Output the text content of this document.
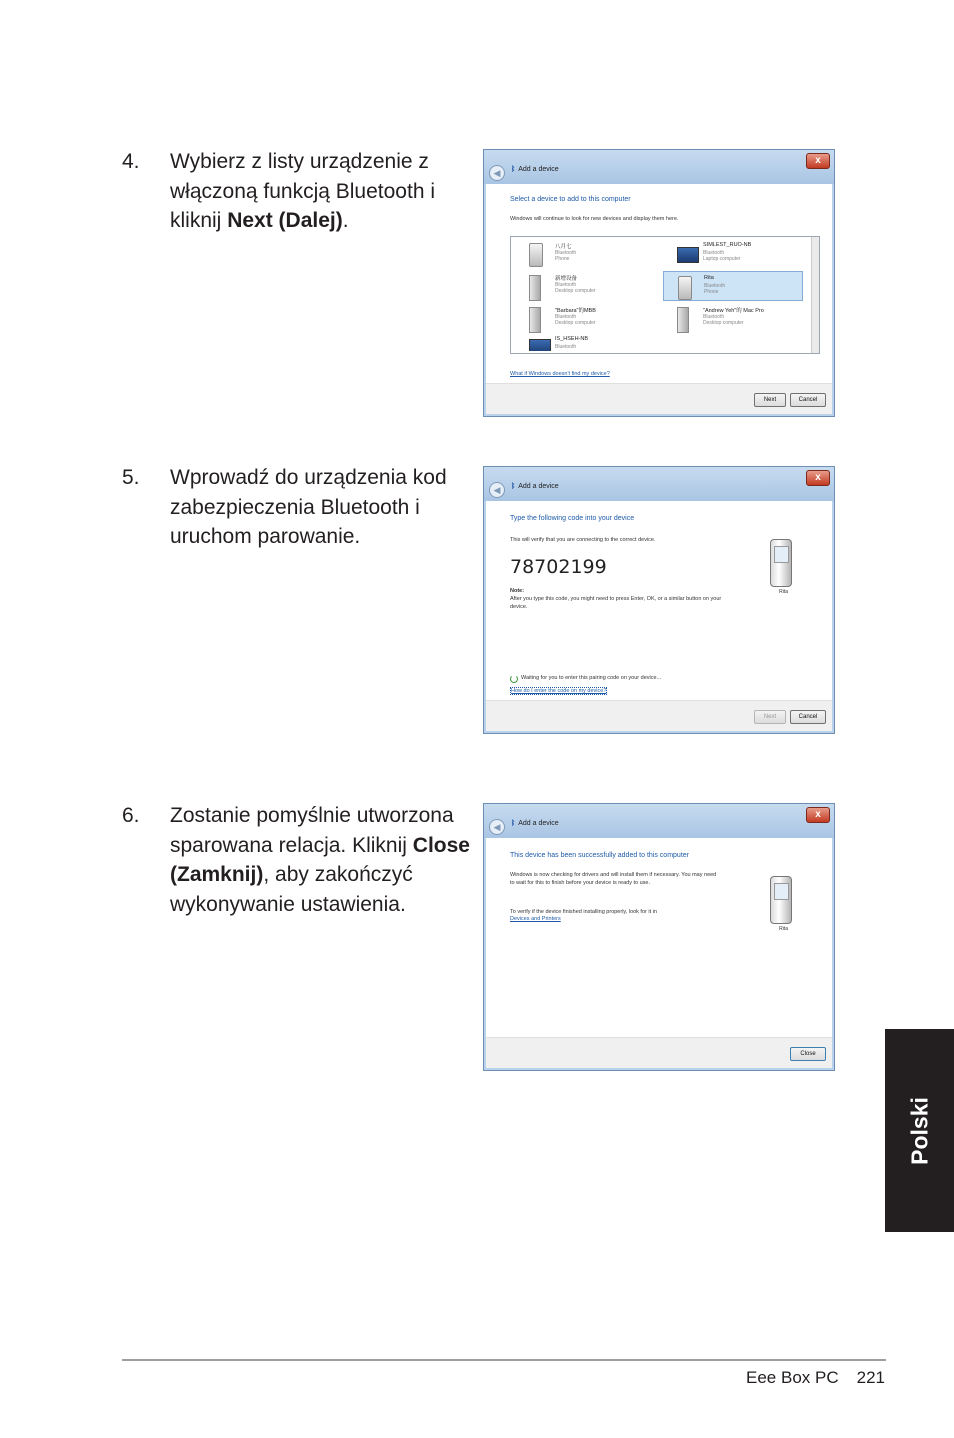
4. Wybierz z listy urządzenie z włączoną funkcją Bluetooth i kliknij Next (Dalej).
5. Wprowadź do urządzenia kod zabezpieczenia Bluetooth i uruchom parowanie.
6. Zostanie pomyślnie utworzona sparowana relacja. Kliknij Close (Zamknij), aby zakończyć wykonywanie ustawienia.
x
◀	ᛒ Add a device
Select a device to add to this computer
Windows will continue to look for new devices and display them here.
八月七
Bluetooth
Phone
SIMLEST_RUO-NB
Bluetooth
Laptop computer
新增设备
Bluetooth
Desktop computer
Rita
Bluetooth
Phone
"Barbara"的MBB
Bluetooth
Desktop computer
"Andrew Yeh"的 Mac Pro
Bluetooth
Desktop computer
IS_HSEH-NB
Bluetooth
What if Windows doesn't find my device?
Next	Cancel
x
◀	ᛒ Add a device
Type the following code into your device
This will verify that you are connecting to the correct device.
78702199
Note:
After you type this code, you might need to press Enter, OK, or a similar button on your device.
Rita
Waiting for you to enter this pairing code on your device...
How do I enter the code on my device?
Next	Cancel
x
◀	ᛒ Add a device
This device has been successfully added to this computer
Windows is now checking for drivers and will install them if necessary. You may need to wait for this to finish before your device is ready to use.
To verify if the device finished installing properly, look for it in
Devices and Printers
Rita
Close
Polski
Eee Box PC 221
